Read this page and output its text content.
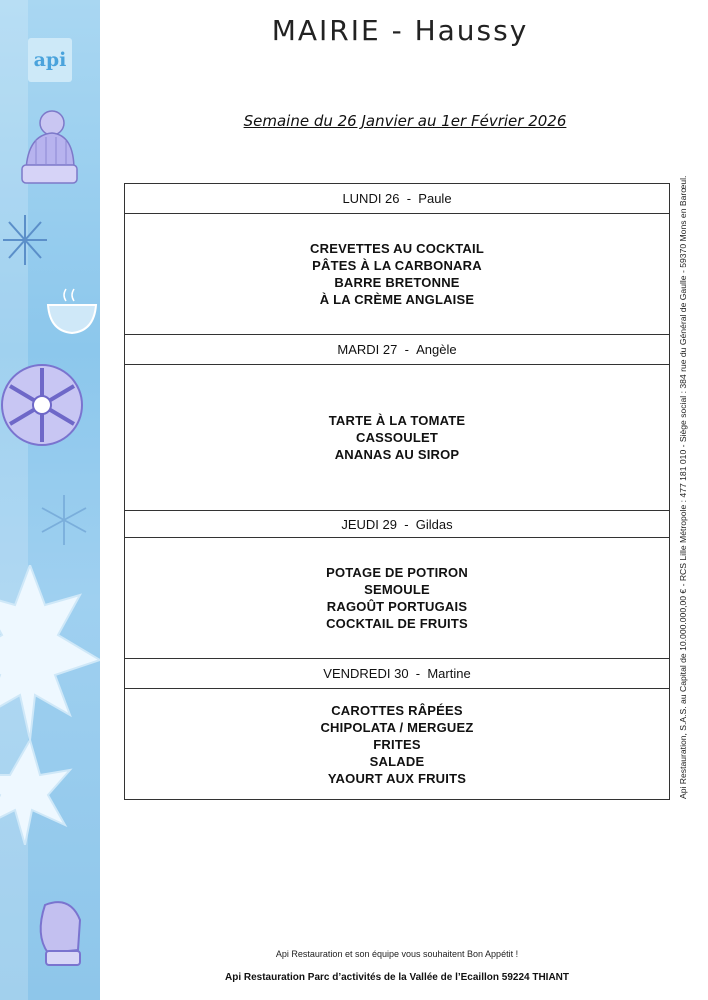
api
MAIRIE - Haussy
Semaine du 26 Janvier au 1er Février 2026
LUNDI 26 - Paule
CREVETTES AU COCKTAIL
PÂTES À LA CARBONARA
BARRE BRETONNE
À LA CRÈME ANGLAISE
MARDI 27 - Angèle
TARTE À LA TOMATE
CASSOULET
ANANAS AU SIROP
JEUDI 29 - Gildas
POTAGE DE POTIRON
SEMOULE
RAGOÛT PORTUGAIS
COCKTAIL DE FRUITS
VENDREDI 30 - Martine
CAROTTES RÂPÉES
CHIPOLATA / MERGUEZ
FRITES
SALADE
YAOURT AUX FRUITS	Api Restauration, S.A.S. au Capital de 10.000.000,00 € - RCS Lille Métropole : 477 181 010 - Siège social : 384 rue du Général de Gaulle - 59370 Mons en Barœul.
Api Restauration et son équipe vous souhaitent Bon Appétit !
Api Restauration Parc d’activités de la Vallée de l’Ecaillon 59224 THIANT
